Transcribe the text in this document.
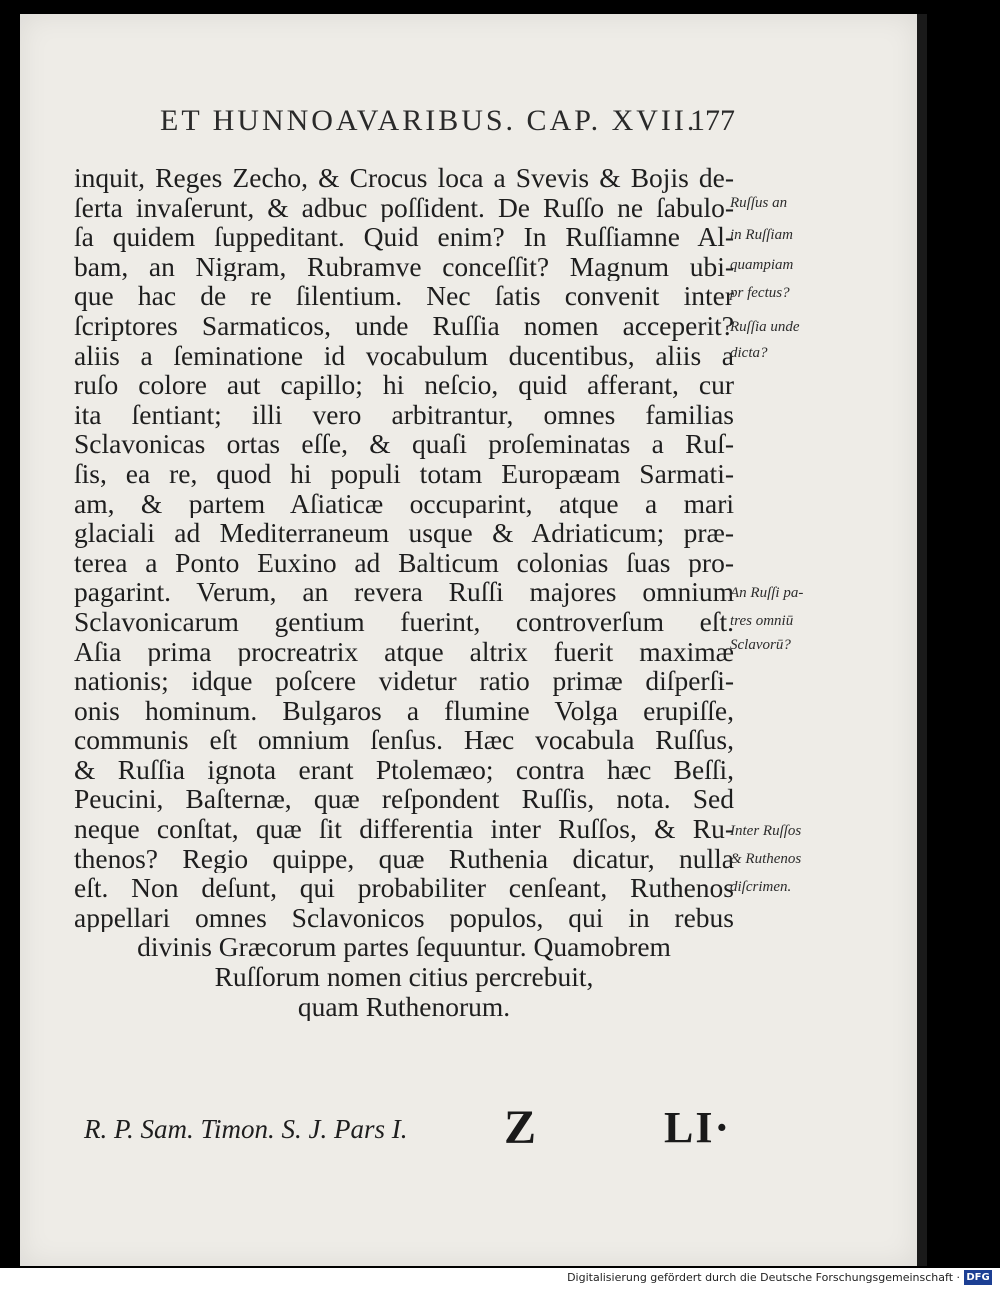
ET HUNNOAVARIBUS. CAP. XVII.
177
inquit, Reges Zecho, & Crocus loca a Svevis & Bojis de-
ſerta invaſerunt, & adbuc poſſident. De Ruſſo ne ſabulo-
ſa quidem ſuppeditant. Quid enim? In Ruſſiamne Al-
bam, an Nigram, Rubramve conceſſit? Magnum ubi-
que hac de re ſilentium. Nec ſatis convenit inter
ſcriptores Sarmaticos, unde Ruſſia nomen acceperit?
aliis a ſeminatione id vocabulum ducentibus, aliis a
ruſo colore aut capillo; hi neſcio, quid afferant, cur
ita ſentiant; illi vero arbitrantur, omnes familias
Sclavonicas ortas eſſe, & quaſi proſeminatas a Ruſ-
ſis, ea re, quod hi populi totam Europæam Sarmati-
am, & partem Aſiaticæ occuparint, atque a mari
glaciali ad Mediterraneum usque & Adriaticum; præ-
terea a Ponto Euxino ad Balticum colonias ſuas pro-
pagarint. Verum, an revera Ruſſi majores omnium
Sclavonicarum gentium fuerint, controverſum eſt.
Aſia prima procreatrix atque altrix fuerit maximæ
nationis; idque poſcere videtur ratio primæ diſperſi-
onis hominum. Bulgaros a flumine Volga erupiſſe,
communis eſt omnium ſenſus. Hæc vocabula Ruſſus,
& Ruſſia ignota erant Ptolemæo; contra hæc Beſſi,
Peucini, Baſternæ, quæ reſpondent Ruſſis, nota. Sed
neque conſtat, quæ ſit differentia inter Ruſſos, & Ru-
thenos? Regio quippe, quæ Ruthenia dicatur, nulla
eſt. Non deſunt, qui probabiliter cenſeant, Ruthenos
appellari omnes Sclavonicos populos, qui in rebus
divinis Græcorum partes ſequuntur. Quamobrem
Ruſſorum nomen citius percrebuit,
quam Ruthenorum.
Ruſſus an
in Ruſſiam
quampiam
pr fectus?
Ruſſia unde
dicta?
An Ruſſi pa-
tres omniū
Sclavorū?
Inter Ruſſos
& Ruthenos
diſcrimen.
R. P. Sam. Timon. S. J. Pars I. Z	LI·
Digitalisierung gefördert durch die Deutsche Forschungsgemeinschaft · DFG
